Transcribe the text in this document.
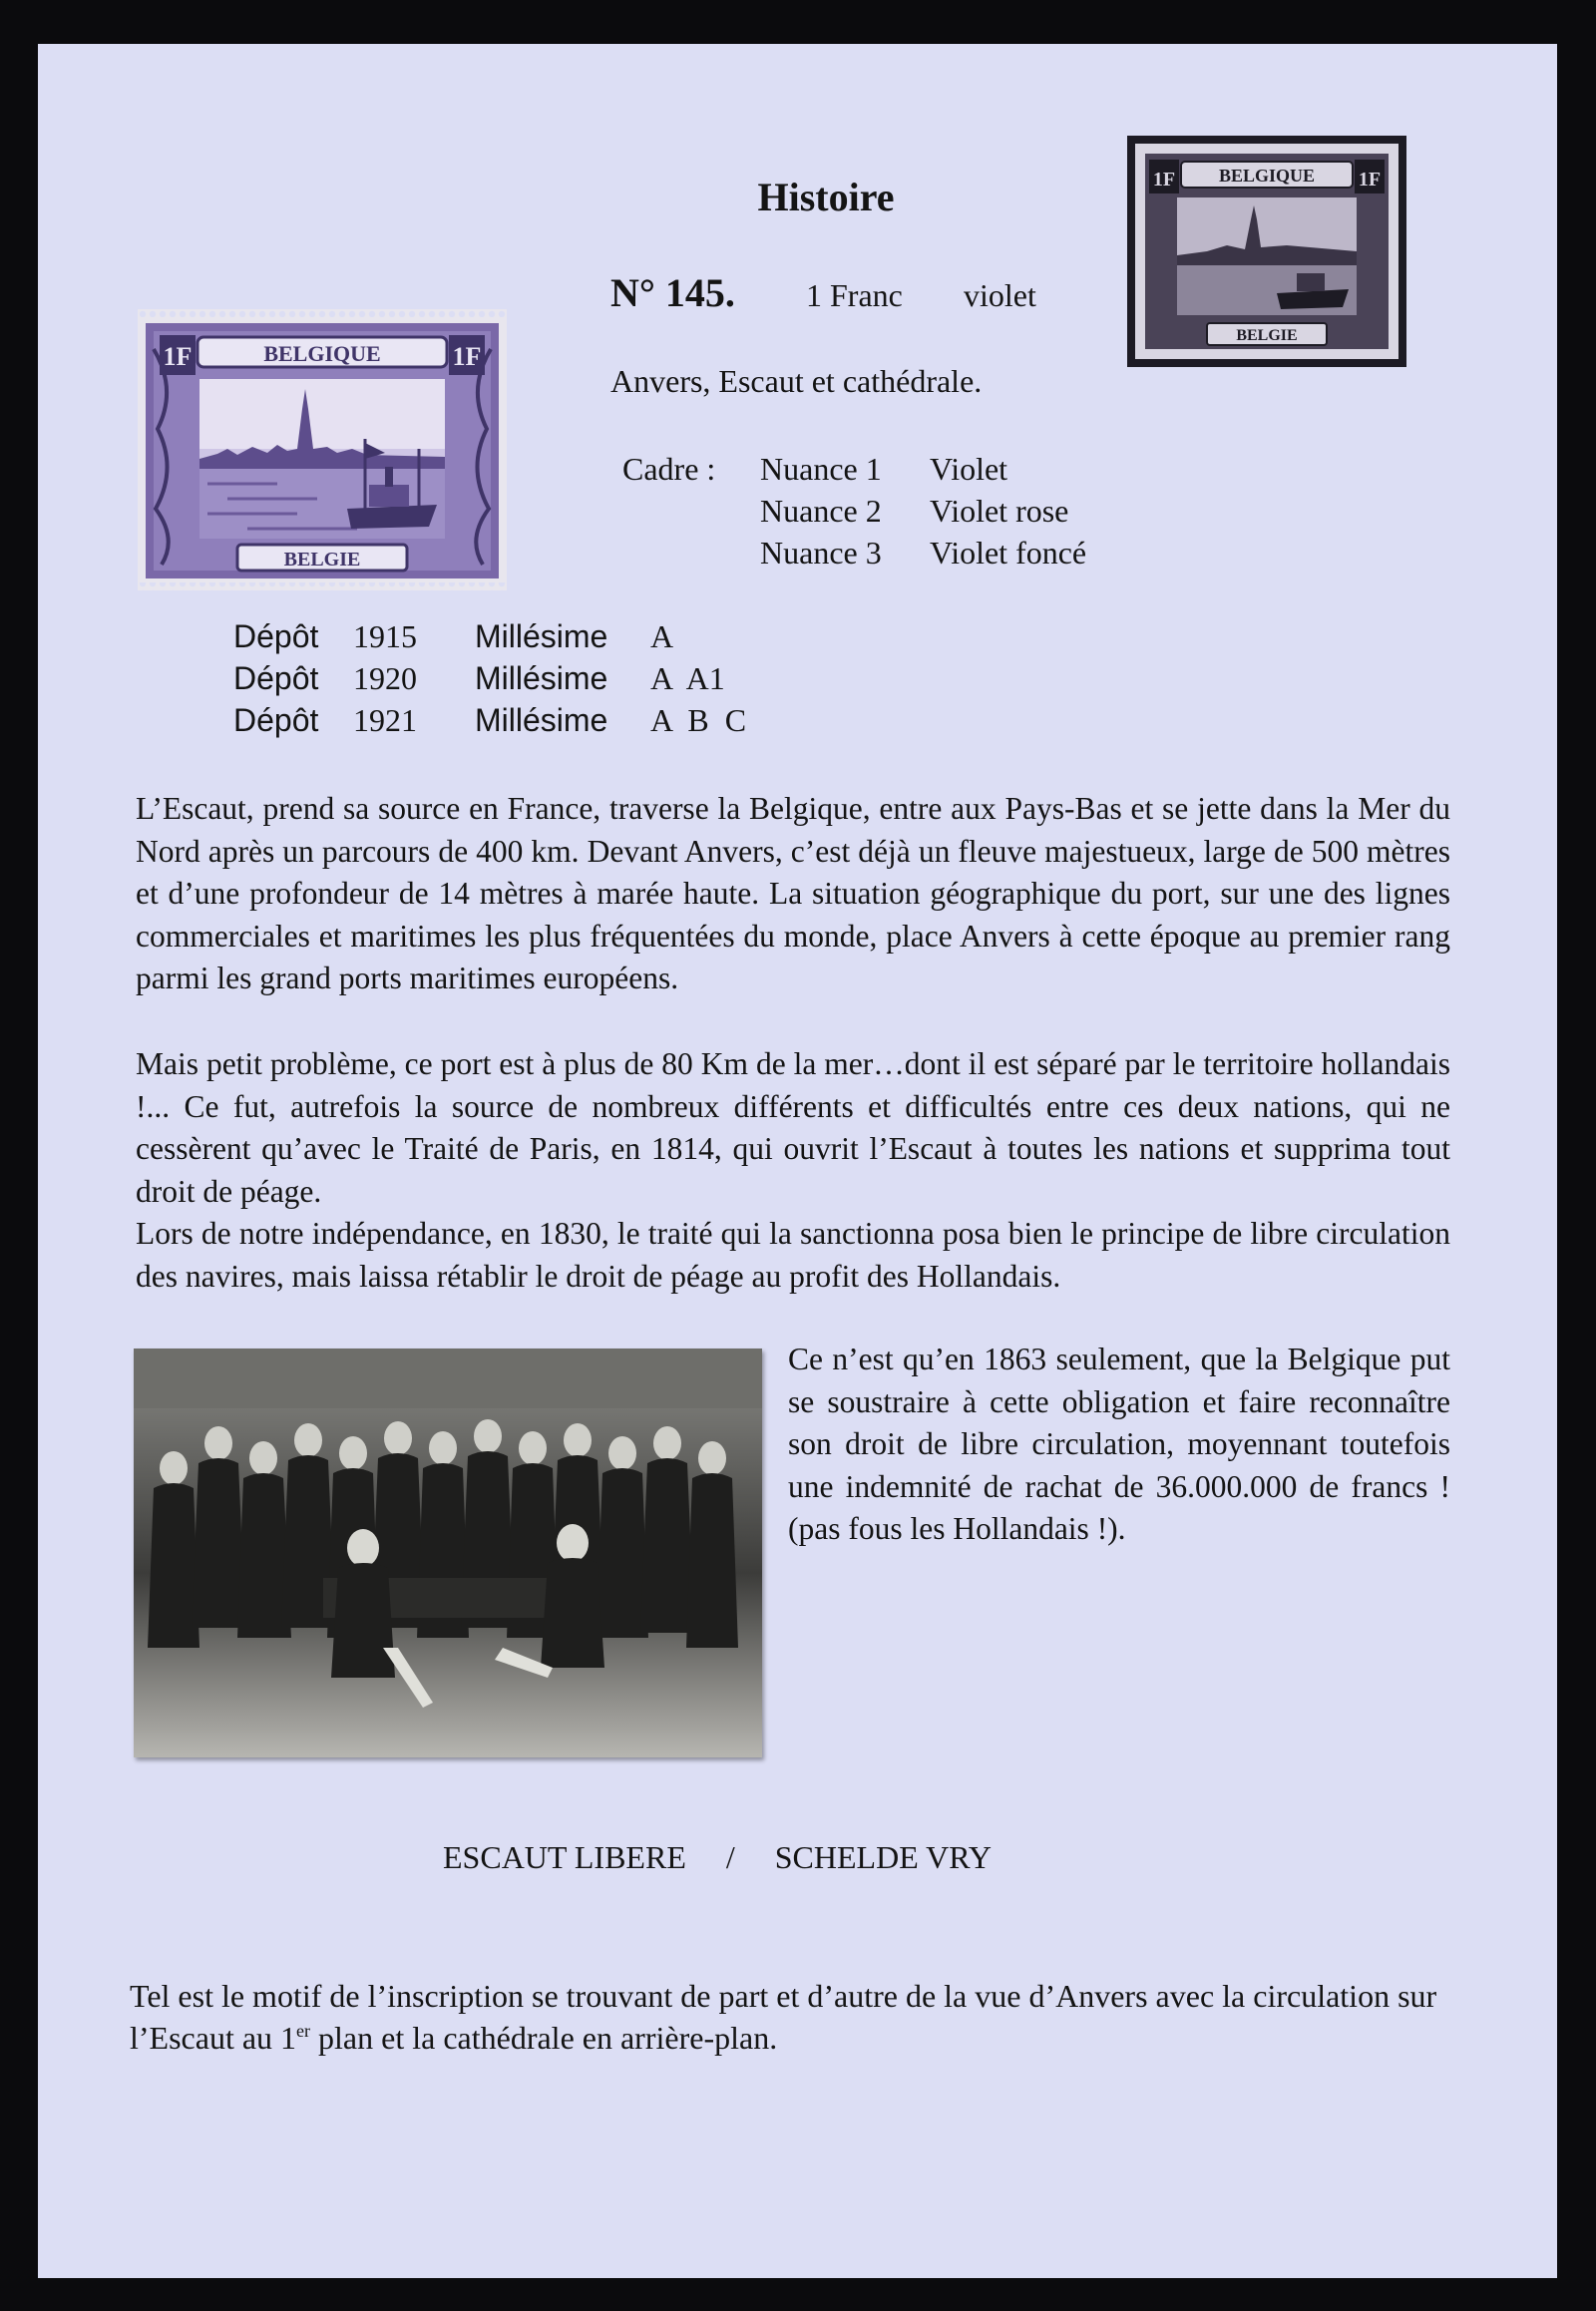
Histoire
BELGIQUE
1F	1F
BELGIE
N° 145. 1 Franc violet
Anvers, Escaut et cathédrale.
BELGIQUE
1F	1F
BELGIE
Cadre : Nuance 1 Violet
Nuance 2 Violet rose
Nuance 3 Violet foncé
Dépôt 1915 Millésime A
Dépôt 1920 Millésime A A1
Dépôt 1921 Millésime A B C

L’Escaut, prend sa source en France, traverse la Belgique, entre aux Pays-Bas et se jette dans la Mer du Nord après un parcours de 400 km. Devant Anvers, c’est déjà un fleuve majestueux, large de 500 mètres et d’une profondeur de 14 mètres à marée haute. La situation géographique du port, sur une des lignes commerciales et maritimes les plus fréquentées du monde, place Anvers à cette époque au premier rang parmi les grand ports maritimes européens.

Mais petit problème, ce port est à plus de 80 Km de la mer…dont il est séparé par le territoire hollandais !... Ce fut, autrefois la source de nombreux différents et difficultés entre ces deux nations, qui ne cessèrent qu’avec le Traité de Paris, en 1814, qui ouvrit l’Escaut à toutes les nations et supprima tout droit de péage.

Lors de notre indépendance, en 1830, le traité qui la sanctionna posa bien le principe de libre circulation des navires, mais laissa rétablir le droit de péage au profit des Hollandais.

Ce n’est qu’en 1863 seulement, que la Belgique put se soustraire à cette obligation et faire reconnaître son droit de libre circulation, moyennant toutefois une indemnité de rachat de 36.000.000 de francs ! (pas fous les Hollandais !).

ESCAUT LIBERE / SCHELDE VRY

Tel est le motif de l’inscription se trouvant de part et d’autre de la vue d’Anvers avec la circulation sur l’Escaut au 1er plan et la cathédrale en arrière-plan.
